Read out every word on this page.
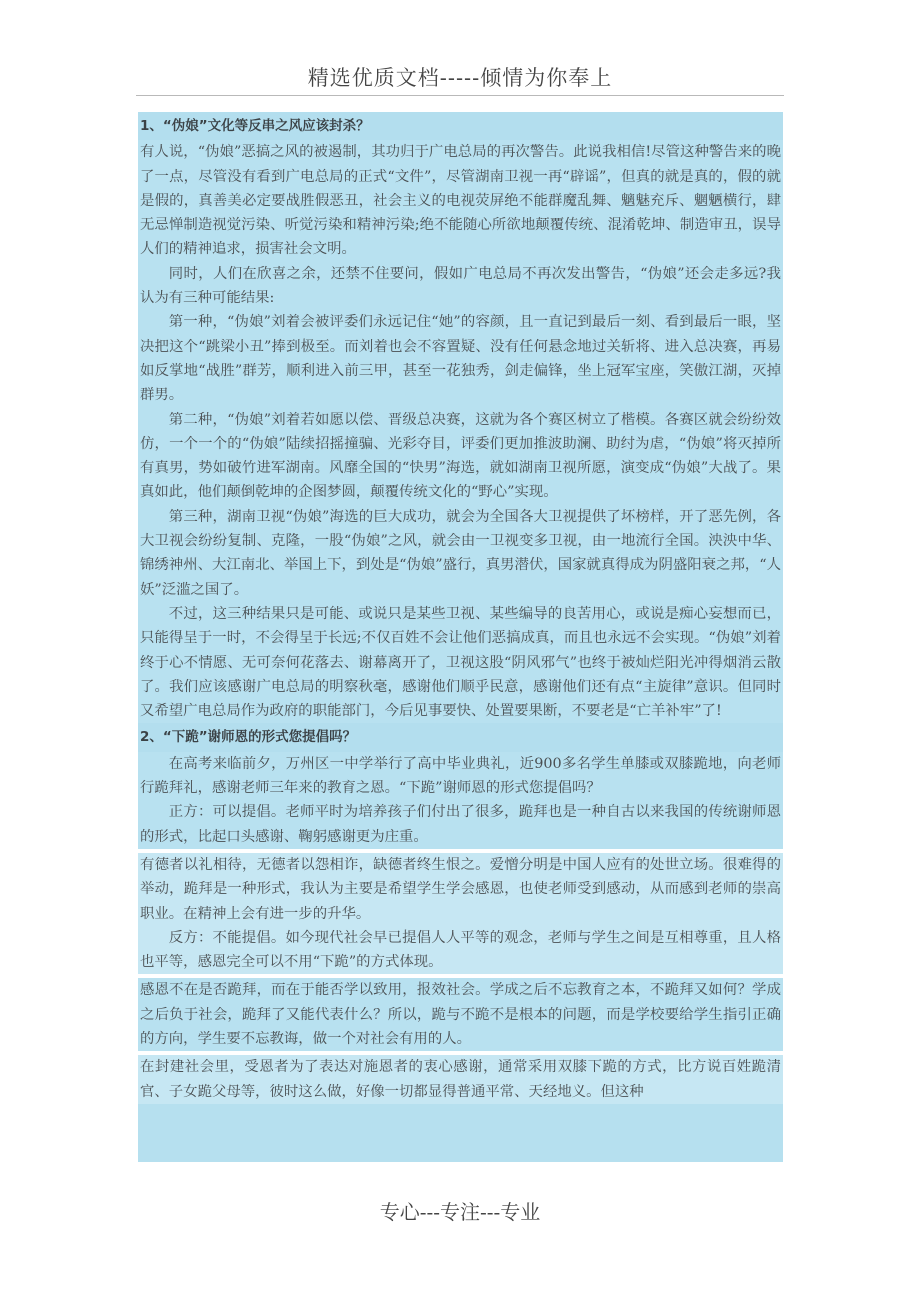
精选优质文档-----倾情为你奉上
1、“伪娘”文化等反串之风应该封杀？

有人说，“伪娘”恶搞之风的被遏制，其功归于广电总局的再次警告。此说我相信!尽管这种警告来的晚了一点，尽管没有看到广电总局的正式“文件”，尽管湖南卫视一再“辟谣”，但真的就是真的，假的就是假的，真善美必定要战胜假恶丑，社会主义的电视荧屏绝不能群魔乱舞、魑魅充斥、魍魉横行，肆无忌惮制造视觉污染、听觉污染和精神污染;绝不能随心所欲地颠覆传统、混淆乾坤、制造审丑，误导人们的精神追求，损害社会文明。

同时，人们在欣喜之余，还禁不住要问，假如广电总局不再次发出警告，“伪娘”还会走多远?我认为有三种可能结果:

第一种，“伪娘”刘着会被评委们永远记住“她”的容颜，且一直记到最后一刻、看到最后一眼，坚决把这个“跳梁小丑”捧到极至。而刘着也会不容置疑、没有任何悬念地过关斩将、进入总决赛，再易如反掌地“战胜”群芳，顺利进入前三甲，甚至一花独秀，剑走偏锋，坐上冠军宝座，笑傲江湖，灭掉群男。

第二种，“伪娘”刘着若如愿以偿、晋级总决赛，这就为各个赛区树立了楷模。各赛区就会纷纷效仿，一个一个的“伪娘”陆续招摇撞骗、光彩夺目，评委们更加推波助澜、助纣为虐，“伪娘”将灭掉所有真男，势如破竹进军湖南。风靡全国的“快男”海选，就如湖南卫视所愿，演变成“伪娘”大战了。果真如此，他们颠倒乾坤的企图梦圆，颠覆传统文化的“野心”实现。

第三种，湖南卫视“伪娘”海选的巨大成功，就会为全国各大卫视提供了坏榜样，开了恶先例，各大卫视会纷纷复制、克隆，一股“伪娘”之风，就会由一卫视变多卫视，由一地流行全国。泱泱中华、锦绣神州、大江南北、举国上下，到处是“伪娘”盛行，真男潜伏，国家就真得成为阴盛阳衰之邦，“人妖”泛滥之国了。

不过，这三种结果只是可能、或说只是某些卫视、某些编导的良苦用心，或说是痴心妄想而已，只能得呈于一时，不会得呈于长远;不仅百姓不会让他们恶搞成真，而且也永远不会实现。“伪娘”刘着终于心不情愿、无可奈何花落去、谢幕离开了，卫视这股“阴风邪气”也终于被灿烂阳光冲得烟消云散了。我们应该感谢广电总局的明察秋毫，感谢他们顺乎民意，感谢他们还有点“主旋律”意识。但同时又希望广电总局作为政府的职能部门，今后见事要快、处置要果断，不要老是“亡羊补牢”了!

2、“下跪”谢师恩的形式您提倡吗？

在高考来临前夕，万州区一中学举行了高中毕业典礼，近900多名学生单膝或双膝跪地，向老师行跪拜礼，感谢老师三年来的教育之恩。“下跪”谢师恩的形式您提倡吗？

正方：可以提倡。老师平时为培养孩子们付出了很多，跪拜也是一种自古以来我国的传统谢师恩的形式，比起口头感谢、鞠躬感谢更为庄重。

有德者以礼相待，无德者以怨相诈，缺德者终生恨之。爱憎分明是中国人应有的处世立场。很难得的举动，跪拜是一种形式，我认为主要是希望学生学会感恩，也使老师受到感动，从而感到老师的崇高职业。在精神上会有进一步的升华。

反方：不能提倡。如今现代社会早已提倡人人平等的观念，老师与学生之间是互相尊重，且人格也平等，感恩完全可以不用“下跪”的方式体现。

感恩不在是否跪拜，而在于能否学以致用，报效社会。学成之后不忘教育之本，不跪拜又如何？学成之后负于社会，跪拜了又能代表什么？所以，跪与不跪不是根本的问题，而是学校要给学生指引正确的方向，学生要不忘教诲，做一个对社会有用的人。

在封建社会里，受恩者为了表达对施恩者的衷心感谢，通常采用双膝下跪的方式，比方说百姓跪清官、子女跪父母等，彼时这么做，好像一切都显得普通平常、天经地义。但这种

专心---专注---专业
